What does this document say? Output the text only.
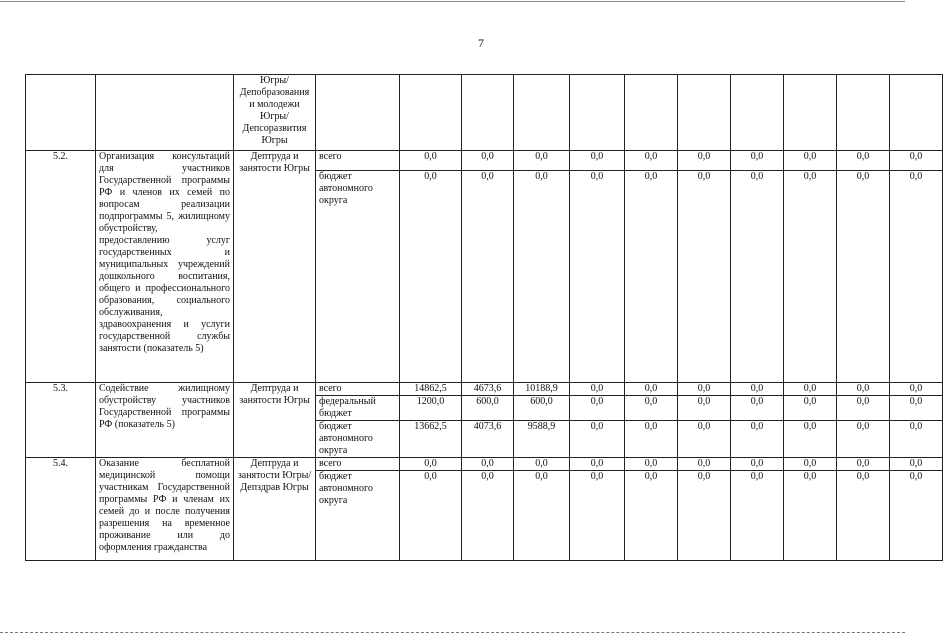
7
		Югры/Депобразования и молодежи Югры/ Депсоразвития Югры											
5.2.	Организация консультаций для участников Государственной программы РФ и членов их семей по вопросам реализации подпрограммы 5, жилищному обустройству, предоставлению услуг государственных и муниципальных учреждений дошкольного воспитания, общего и профессионального образования, социального обслуживания, здравоохранения и услуги государственной службы занятости (показатель 5)	Дептруда и занятости Югры	всего	0,0	0,0	0,0	0,0	0,0	0,0	0,0	0,0	0,0	0,0
			бюджет автономного округа	0,0	0,0	0,0	0,0	0,0	0,0	0,0	0,0	0,0	0,0
5.3.	Содействие жилищному обустройству участников Государственной программы РФ (показатель 5)	Дептруда и занятости Югры	всего	14862,5	4673,6	10188,9	0,0	0,0	0,0	0,0	0,0	0,0	0,0
			федеральный бюджет	1200,0	600,0	600,0	0,0	0,0	0,0	0,0	0,0	0,0	0,0
			бюджет автономного округа	13662,5	4073,6	9588,9	0,0	0,0	0,0	0,0	0,0	0,0	0,0
5.4.	Оказание бесплатной медицинской помощи участникам Государственной программы РФ и членам их семей до и после получения разрешения на временное проживание или до оформления гражданства	Дептруда и занятости Югры/ Депздрав Югры	всего	0,0	0,0	0,0	0,0	0,0	0,0	0,0	0,0	0,0	0,0
			бюджет автономного округа	0,0	0,0	0,0	0,0	0,0	0,0	0,0	0,0	0,0	0,0
